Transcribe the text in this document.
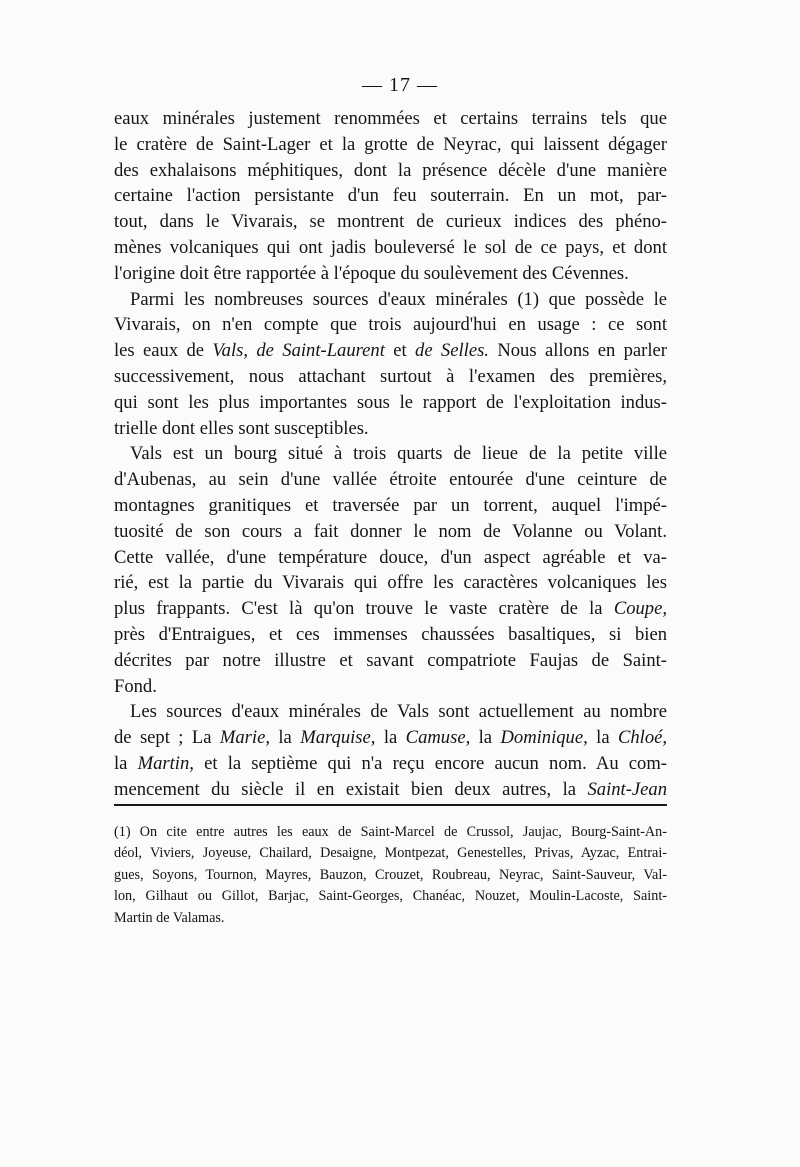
— 17 —
eaux minérales justement renommées et certains terrains tels que
le cratère de Saint-Lager et la grotte de Neyrac, qui laissent dégager
des exhalaisons méphitiques, dont la présence décèle d'une manière
certaine l'action persistante d'un feu souterrain. En un mot, par-
tout, dans le Vivarais, se montrent de curieux indices des phéno-
mènes volcaniques qui ont jadis bouleversé le sol de ce pays, et dont
l'origine doit être rapportée à l'époque du soulèvement des Cévennes.
Parmi les nombreuses sources d'eaux minérales (1) que possède le
Vivarais, on n'en compte que trois aujourd'hui en usage : ce sont
les eaux de Vals, de Saint-Laurent et de Selles. Nous allons en parler
successivement, nous attachant surtout à l'examen des premières,
qui sont les plus importantes sous le rapport de l'exploitation indus-
trielle dont elles sont susceptibles.
Vals est un bourg situé à trois quarts de lieue de la petite ville
d'Aubenas, au sein d'une vallée étroite entourée d'une ceinture de
montagnes granitiques et traversée par un torrent, auquel l'impé-
tuosité de son cours a fait donner le nom de Volanne ou Volant.
Cette vallée, d'une température douce, d'un aspect agréable et va-
rié, est la partie du Vivarais qui offre les caractères volcaniques les
plus frappants. C'est là qu'on trouve le vaste cratère de la Coupe,
près d'Entraigues, et ces immenses chaussées basaltiques, si bien
décrites par notre illustre et savant compatriote Faujas de Saint-
Fond.
Les sources d'eaux minérales de Vals sont actuellement au nombre
de sept ; La Marie, la Marquise, la Camuse, la Dominique, la Chloé,
la Martin, et la septième qui n'a reçu encore aucun nom. Au com-
mencement du siècle il en existait bien deux autres, la Saint-Jean
(1) On cite entre autres les eaux de Saint-Marcel de Crussol, Jaujac, Bourg-Saint-An-
déol, Viviers, Joyeuse, Chailard, Desaigne, Montpezat, Genestelles, Privas, Ayzac, Entrai-
gues, Soyons, Tournon, Mayres, Bauzon, Crouzet, Roubreau, Neyrac, Saint-Sauveur, Val-
lon, Gilhaut ou Gillot, Barjac, Saint-Georges, Chanéac, Nouzet, Moulin-Lacoste, Saint-
Martin de Valamas.
